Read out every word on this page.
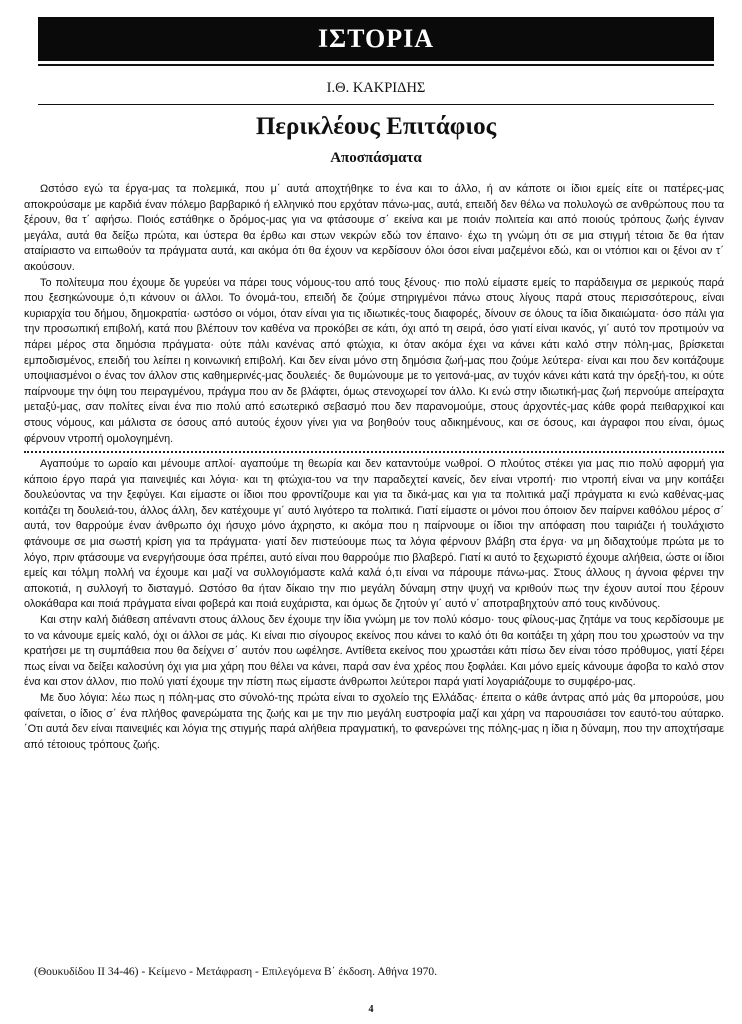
ΙΣΤΟΡΙΑ
Ι.Θ. ΚΑΚΡΙΔΗΣ
Περικλέους Επιτάφιος
Αποσπάσματα

Ωστόσο εγώ τα έργα-μας τα πολεμικά, που μ΄ αυτά αποχτήθηκε το ένα και το άλλο, ή αν κάποτε οι ίδιοι εμείς είτε οι πατέρες-μας αποκρούσαμε με καρδιά έναν πόλεμο βαρβαρικό ή ελληνικό που ερχόταν πάνω-μας, αυτά, επειδή δεν θέλω να πολυλογώ σε ανθρώπους που τα ξέρουν, θα τ΄ αφήσω. Ποιός εστάθηκε ο δρόμος-μας για να φτάσουμε σ΄ εκείνα και με ποιάν πολιτεία και από ποιούς τρόπους ζωής έγιναν μεγάλα, αυτά θα δείξω πρώτα, και ύστερα θα έρθω και στων νεκρών εδώ τον έπαινο· έχω τη γνώμη ότι σε μια στιγμή τέτοια δε θα ήταν αταίριαστο να ειπωθούν τα πράγματα αυτά, και ακόμα ότι θα έχουν να κερδίσουν όλοι όσοι είναι μαζεμένοι εδώ, και οι ντόπιοι και οι ξένοι αν τ΄ ακούσουν.

Το πολίτευμα που έχουμε δε γυρεύει να πάρει τους νόμους-του από τους ξένους· πιο πολύ είμαστε εμείς το παράδειγμα σε μερικούς παρά που ξεσηκώνουμε ό,τι κάνουν οι άλλοι. Το όνομά-του, επειδή δε ζούμε στηριγμένοι πάνω στους λίγους παρά στους περισσότερους, είναι κυριαρχία του δήμου, δημοκρατία· ωστόσο οι νόμοι, όταν είναι για τις ιδιωτικές-τους διαφορές, δίνουν σε όλους τα ίδια δικαιώματα· όσο πάλι για την προσωπική επιβολή, κατά που βλέπουν τον καθένα να προκόβει σε κάτι, όχι από τη σειρά, όσο γιατί είναι ικανός, γι΄ αυτό τον προτιμούν να πάρει μέρος στα δημόσια πράγματα· ούτε πάλι κανένας από φτώχια, κι όταν ακόμα έχει να κάνει κάτι καλό στην πόλη-μας, βρίσκεται εμποδισμένος, επειδή του λείπει η κοινωνική επιβολή. Και δεν είναι μόνο στη δημόσια ζωή-μας που ζούμε λεύτερα· είναι και που δεν κοιτάζουμε υποψιασμένοι ο ένας τον άλλον στις καθημερινές-μας δουλειές· δε θυμώνουμε με το γειτονά-μας, αν τυχόν κάνει κάτι κατά την όρεξή-του, κι ούτε παίρνουμε την όψη του πειραγμένου, πράγμα που αν δε βλάφτει, όμως στενοχωρεί τον άλλο. Κι ενώ στην ιδιωτική-μας ζωή περνούμε απείραχτα μεταξύ-μας, σαν πολίτες είναι ένα πιο πολύ από εσωτερικό σεβασμό που δεν παρανομούμε, στους άρχοντές-μας κάθε φορά πειθαρχικοί και στους νόμους, και μάλιστα σε όσους από αυτούς έχουν γίνει για να βοηθούν τους αδικημένους, και σε όσους, και άγραφοι που είναι, όμως φέρνουν ντροπή ομολογημένη.

Αγαπούμε το ωραίο και μένουμε απλοί· αγαπούμε τη θεωρία και δεν καταντούμε νωθροί. Ο πλούτος στέκει για μας πιο πολύ αφορμή για κάποιο έργο παρά για παινεψιές και λόγια· και τη φτώχια-του να την παραδεχτεί κανείς, δεν είναι ντροπή· πιο ντροπή είναι να μην κοιτάξει δουλεύοντας να την ξεφύγει. Και είμαστε οι ίδιοι που φροντίζουμε και για τα δικά-μας και για τα πολιτικά μαζί πράγματα κι ενώ καθένας-μας κοιτάζει τη δουλειά-του, άλλος άλλη, δεν κατέχουμε γι΄ αυτό λιγότερο τα πολιτικά. Γιατί είμαστε οι μόνοι που όποιον δεν παίρνει καθόλου μέρος σ΄ αυτά, τον θαρρούμε έναν άνθρωπο όχι ήσυχο μόνο άχρηστο, κι ακόμα που η παίρνουμε οι ίδιοι την απόφαση που ταιριάζει ή τουλάχιστο φτάνουμε σε μια σωστή κρίση για τα πράγματα· γιατί δεν πιστεύουμε πως τα λόγια φέρνουν βλάβη στα έργα· να μη διδαχτούμε πρώτα με το λόγο, πριν φτάσουμε να ενεργήσουμε όσα πρέπει, αυτό είναι που θαρρούμε πιο βλαβερό. Γιατί κι αυτό το ξεχωριστό έχουμε αλήθεια, ώστε οι ίδιοι εμείς και τόλμη πολλή να έχουμε και μαζί να συλλογιόμαστε καλά καλά ό,τι είναι να πάρουμε πάνω-μας. Στους άλλους η άγνοια φέρνει την αποκοτιά, η συλλογή το δισταγμό. Ωστόσο θα ήταν δίκαιο την πιο μεγάλη δύναμη στην ψυχή να κριθούν πως την έχουν αυτοί που ξέρουν ολοκάθαρα και ποιά πράγματα είναι φοβερά και ποιά ευχάριστα, και όμως δε ζητούν γι΄ αυτό ν΄ αποτραβηχτούν από τους κινδύνους.

Και στην καλή διάθεση απέναντι στους άλλους δεν έχουμε την ίδια γνώμη με τον πολύ κόσμο· τους φίλους-μας ζητάμε να τους κερδίσουμε με το να κάνουμε εμείς καλό, όχι οι άλλοι σε μάς. Κι είναι πιο σίγουρος εκείνος που κάνει το καλό ότι θα κοιτάξει τη χάρη που του χρωστούν να την κρατήσει με τη συμπάθεια που θα δείχνει σ΄ αυτόν που ωφέλησε. Αντίθετα εκείνος που χρωστάει κάτι πίσω δεν είναι τόσο πρόθυμος, γιατί ξέρει πως είναι να δείξει καλοσύνη όχι για μια χάρη που θέλει να κάνει, παρά σαν ένα χρέος που ξοφλάει. Και μόνο εμείς κάνουμε άφοβα το καλό στον ένα και στον άλλον, πιο πολύ γιατί έχουμε την πίστη πως είμαστε άνθρωποι λεύτεροι παρά γιατί λογαριάζουμε το συμφέρο-μας.

Με δυο λόγια: λέω πως η πόλη-μας στο σύνολό-της πρώτα είναι το σχολείο της Ελλάδας· έπειτα ο κάθε άντρας από μάς θα μπορούσε, μου φαίνεται, ο ίδιος σ΄ ένα πλήθος φανερώματα της ζωής και με την πιο μεγάλη ευστροφία μαζί και χάρη να παρουσιάσει τον εαυτό-του αύταρκο. ΄Οτι αυτά δεν είναι παινεψιές και λόγια της στιγμής παρά αλήθεια πραγματική, το φανερώνει της πόλης-μας η ίδια η δύναμη, που την αποχτήσαμε από τέτοιους τρόπους ζωής.

(Θουκυδίδου II 34-46) - Κείμενο - Μετάφραση - Επιλεγόμενα Β΄ έκδοση. Αθήνα 1970.
4
